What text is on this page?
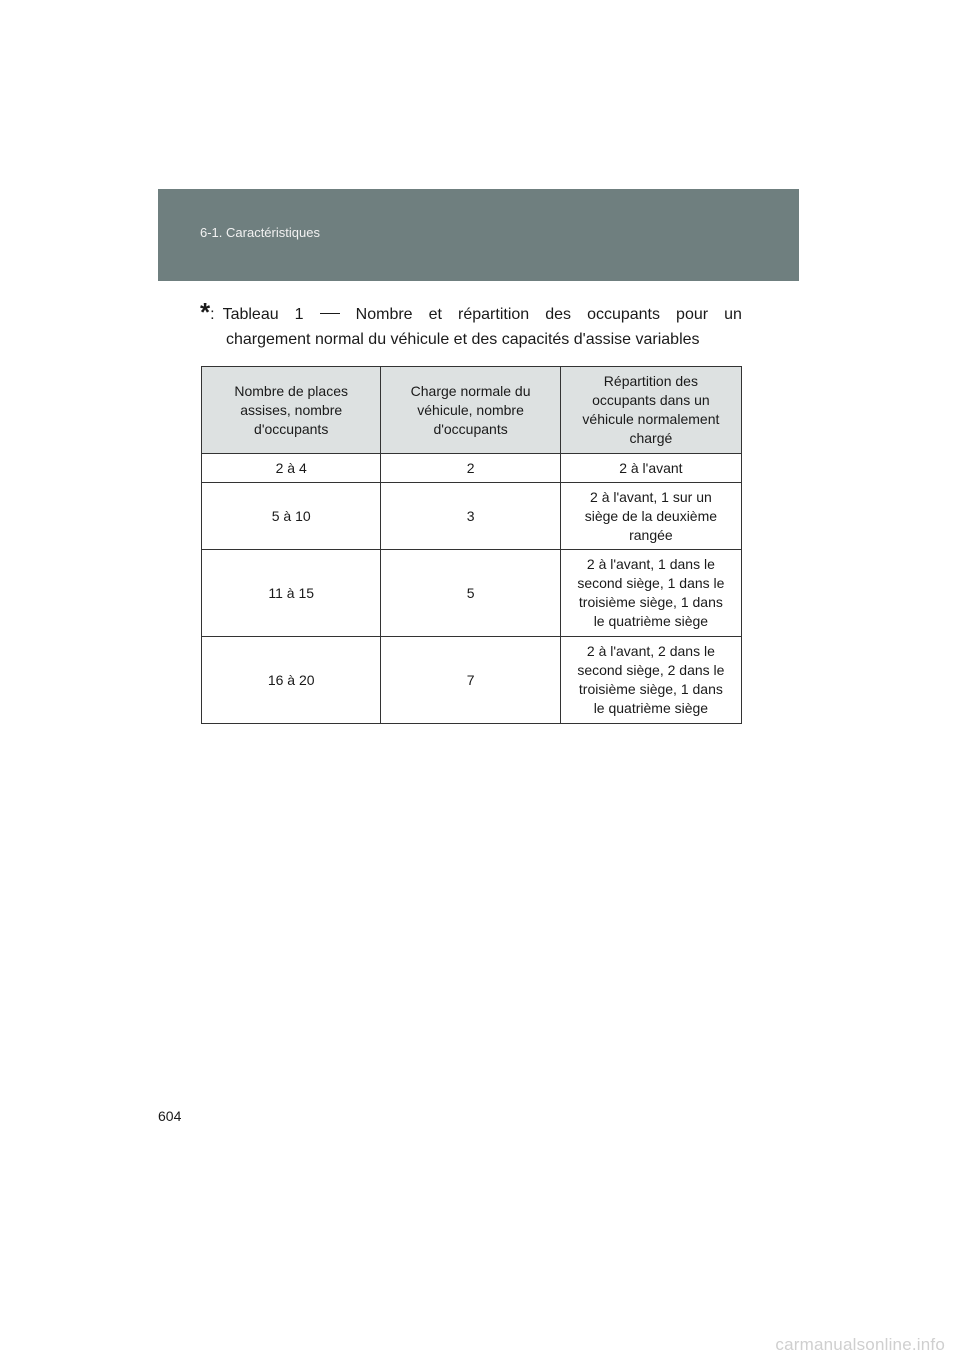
6-1. Caractéristiques
* : Tableau 1	Nombre et répartition des occupants pour un
chargement normal du véhicule et des capacités d'assise variables
Nombre de places assises, nombre d'occupants	Charge normale du véhicule, nombre d'occupants	Répartition des occupants dans un véhicule normalement chargé
2 à 4	2	2 à l'avant
5 à 10	3	2 à l'avant, 1 sur un siège de la deuxième rangée
11 à 15	5	2 à l'avant, 1 dans le second siège, 1 dans le troisième siège, 1 dans le quatrième siège
16 à 20	7	2 à l'avant, 2 dans le second siège, 2 dans le troisième siège, 1 dans le quatrième siège
604
carmanualsonline.info
